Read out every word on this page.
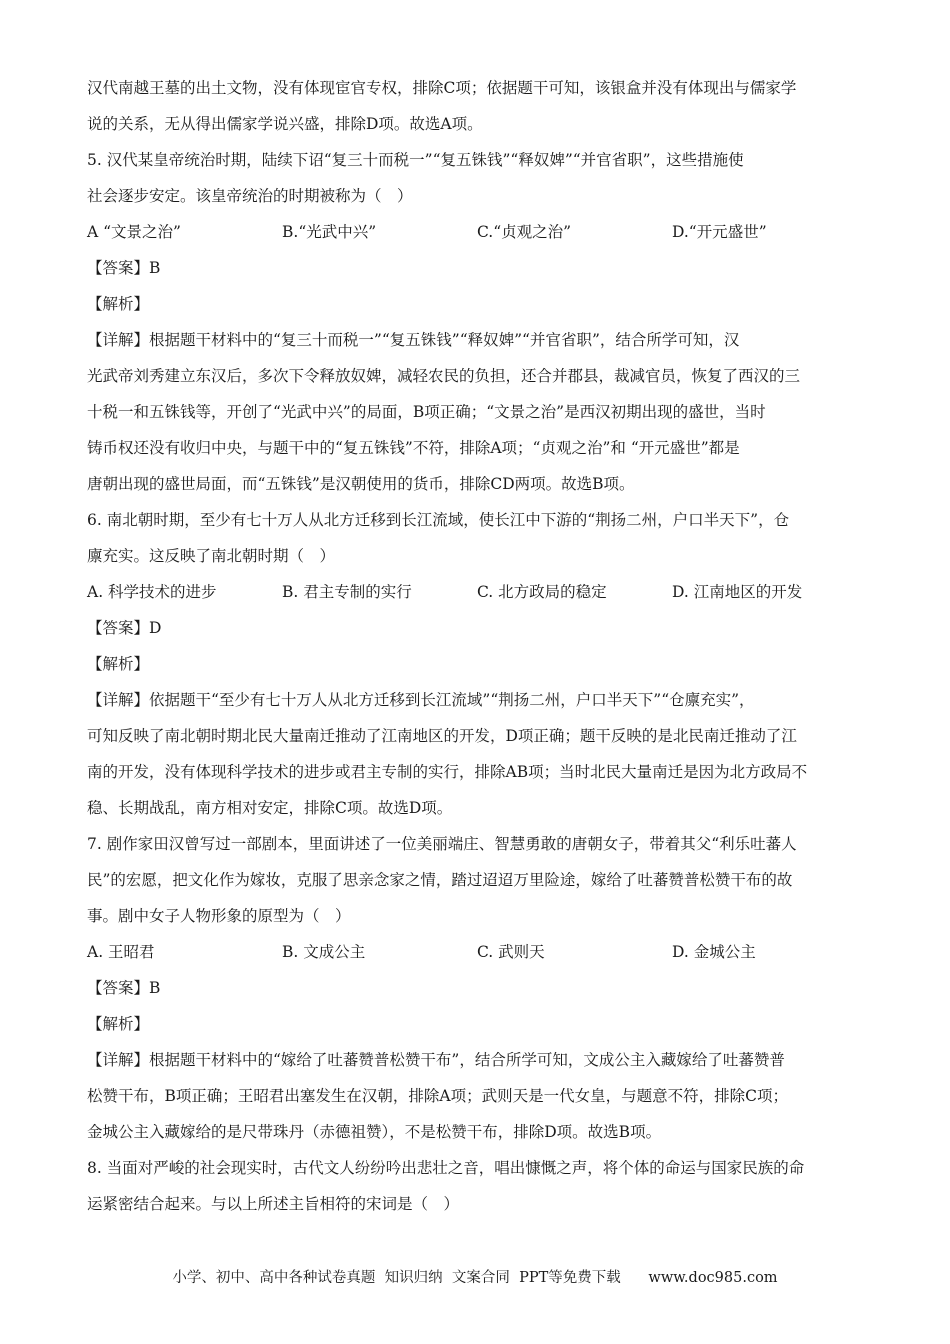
汉代南越王墓的出土文物，没有体现宦官专权，排除C项；依据题干可知，该银盒并没有体现出与儒家学
说的关系，无从得出儒家学说兴盛，排除D项。故选A项。
5. 汉代某皇帝统治时期，陆续下诏“复三十而税一”“复五铢钱”“释奴婢”“并官省职”，这些措施使
社会逐步安定。该皇帝统治的时期被称为（　）
A “文景之治”	B.“光武中兴”	C.“贞观之治”	D.“开元盛世”
【答案】B
【解析】
【详解】根据题干材料中的“复三十而税一”“复五铢钱”“释奴婢”“并官省职”，结合所学可知，汉
光武帝刘秀建立东汉后，多次下令释放奴婢，减轻农民的负担，还合并郡县，裁减官员，恢复了西汉的三
十税一和五铢钱等，开创了“光武中兴”的局面，B项正确；“文景之治”是西汉初期出现的盛世，当时
铸币权还没有收归中央，与题干中的“复五铢钱”不符，排除A项；“贞观之治”和 “开元盛世”都是
唐朝出现的盛世局面，而“五铢钱”是汉朝使用的货币，排除CD两项。故选B项。
6. 南北朝时期，至少有七十万人从北方迁移到长江流域，使长江中下游的“荆扬二州，户口半天下”，仓
廪充实。这反映了南北朝时期（　）
A. 科学技术的进步	B. 君主专制的实行	C. 北方政局的稳定	D. 江南地区的开发
【答案】D
【解析】
【详解】依据题干“至少有七十万人从北方迁移到长江流域”“荆扬二州，户口半天下”“仓廪充实”，
可知反映了南北朝时期北民大量南迁推动了江南地区的开发，D项正确；题干反映的是北民南迁推动了江
南的开发，没有体现科学技术的进步或君主专制的实行，排除AB项；当时北民大量南迁是因为北方政局不
稳、长期战乱，南方相对安定，排除C项。故选D项。
7. 剧作家田汉曾写过一部剧本，里面讲述了一位美丽端庄、智慧勇敢的唐朝女子，带着其父“利乐吐蕃人
民”的宏愿，把文化作为嫁妆，克服了思亲念家之情，踏过迢迢万里险途，嫁给了吐蕃赞普松赞干布的故
事。剧中女子人物形象的原型为（　）
A. 王昭君	B. 文成公主	C. 武则天	D. 金城公主
【答案】B
【解析】
【详解】根据题干材料中的“嫁给了吐蕃赞普松赞干布”，结合所学可知，文成公主入藏嫁给了吐蕃赞普
松赞干布，B项正确；王昭君出塞发生在汉朝，排除A项；武则天是一代女皇，与题意不符，排除C项；
金城公主入藏嫁给的是尺带珠丹（赤德祖赞），不是松赞干布，排除D项。故选B项。
8. 当面对严峻的社会现实时，古代文人纷纷吟出悲壮之音，唱出慷慨之声，将个体的命运与国家民族的命
运紧密结合起来。与以上所述主旨相符的宋词是（　）
小学、初中、高中各种试卷真题  知识归纳  文案合同  PPT等免费下载      www.doc985.com
